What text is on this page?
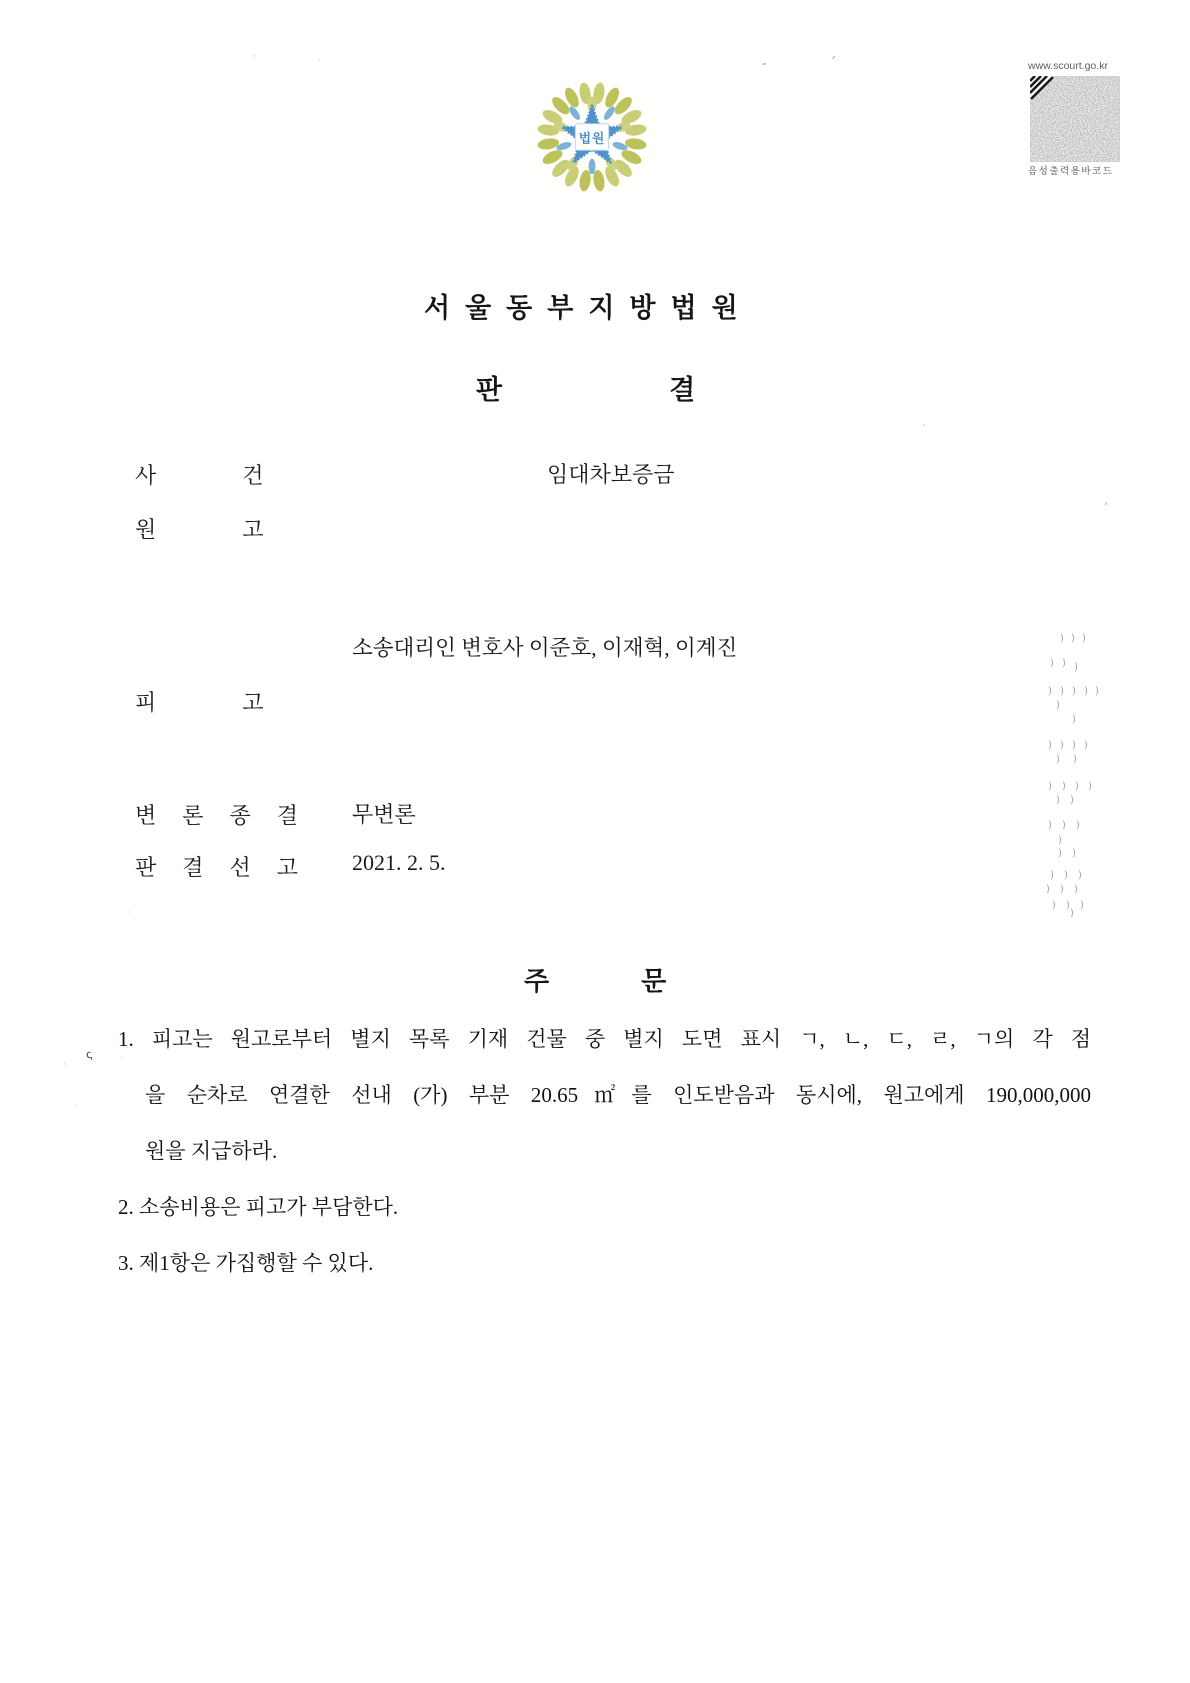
법원
www.scourt.go.kr
음성출력용바코드
서울동부지방법원
판결
사건	임대차보증금
원고
소송대리인 변호사 이준호, 이재혁, 이계진
피고
변론종결 무변론
판결선고 2021. 2. 5.
주문
1. 피고는 원고로부터 별지 목록 기재 건물 중 별지 도면 표시 ㄱ, ㄴ, ㄷ, ㄹ, ㄱ의 각 점
을 순차로 연결한 선내 (가) 부분 20.65㎡를 인도받음과 동시에, 원고에게 190,000,000
원을 지급하라.
2. 소송비용은 피고가 부담한다.
3. 제1항은 가집행할 수 있다.
) ) )
) ) )
) ) ) ) )
)
)
) ) ) )
) )
) ) ) )
) )
) ) )
)
) )
) ) )
) ) )
) ) )
)
ς
·
·
·
'
·	·	-	ᐟ
·
·
